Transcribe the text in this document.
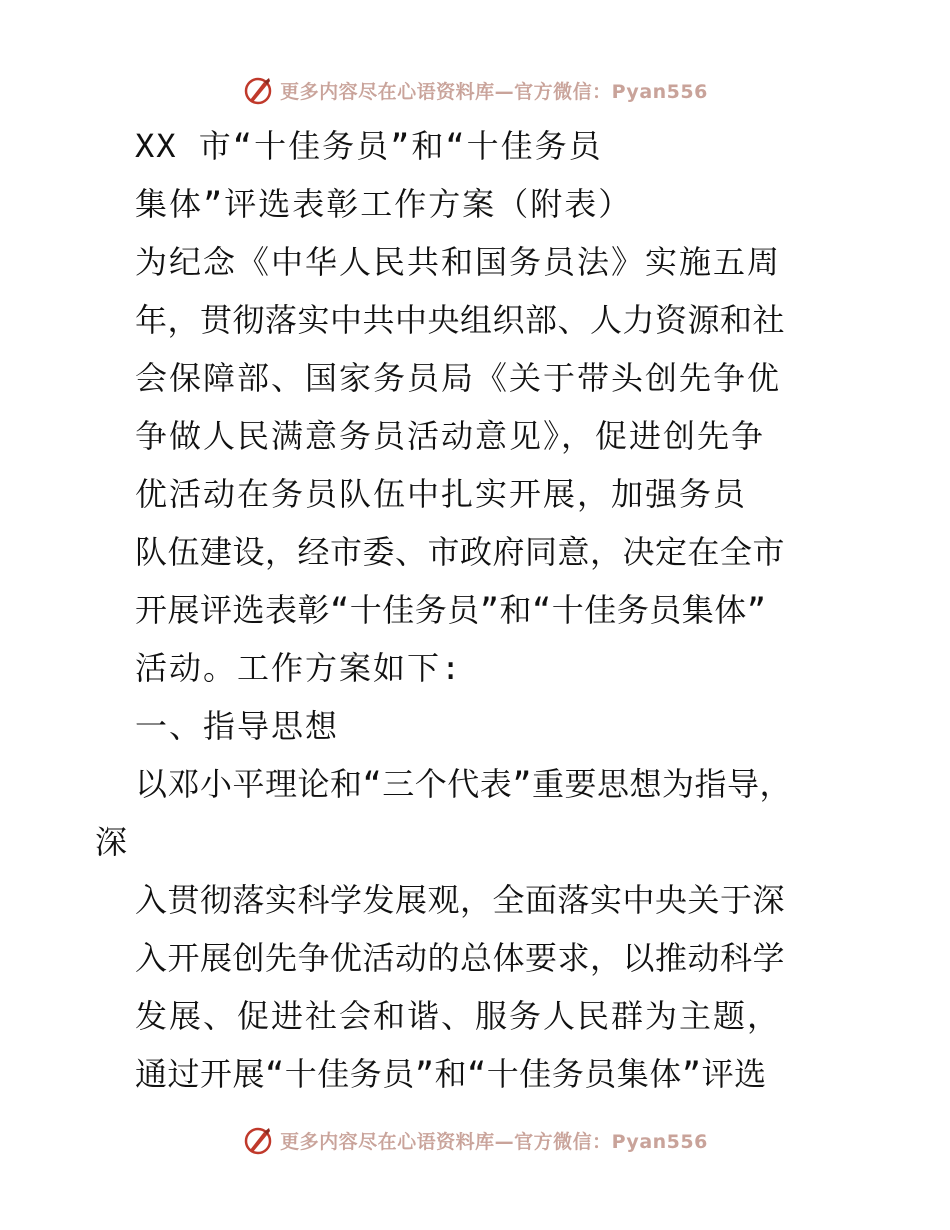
更多内容尽在心语资料库—官方微信：Pyan556
XX 市“十佳务员”和“十佳务员
集体”评选表彰工作方案（附表）
为纪念《中华人民共和国务员法》实施五周
年，贯彻落实中共中央组织部、人力资源和社
会保障部、国家务员局《关于带头创先争优
争做人民满意务员活动意见》，促进创先争
优活动在务员队伍中扎实开展，加强务员
队伍建设，经市委、市政府同意，决定在全市
开展评选表彰“十佳务员”和“十佳务员集体”
活动。工作方案如下:
一、指导思想
以邓小平理论和“三个代表”重要思想为指导，
深
入贯彻落实科学发展观，全面落实中央关于深
入开展创先争优活动的总体要求，以推动科学
发展、促进社会和谐、服务人民群为主题，
通过开展“十佳务员”和“十佳务员集体”评选
更多内容尽在心语资料库—官方微信：Pyan556
